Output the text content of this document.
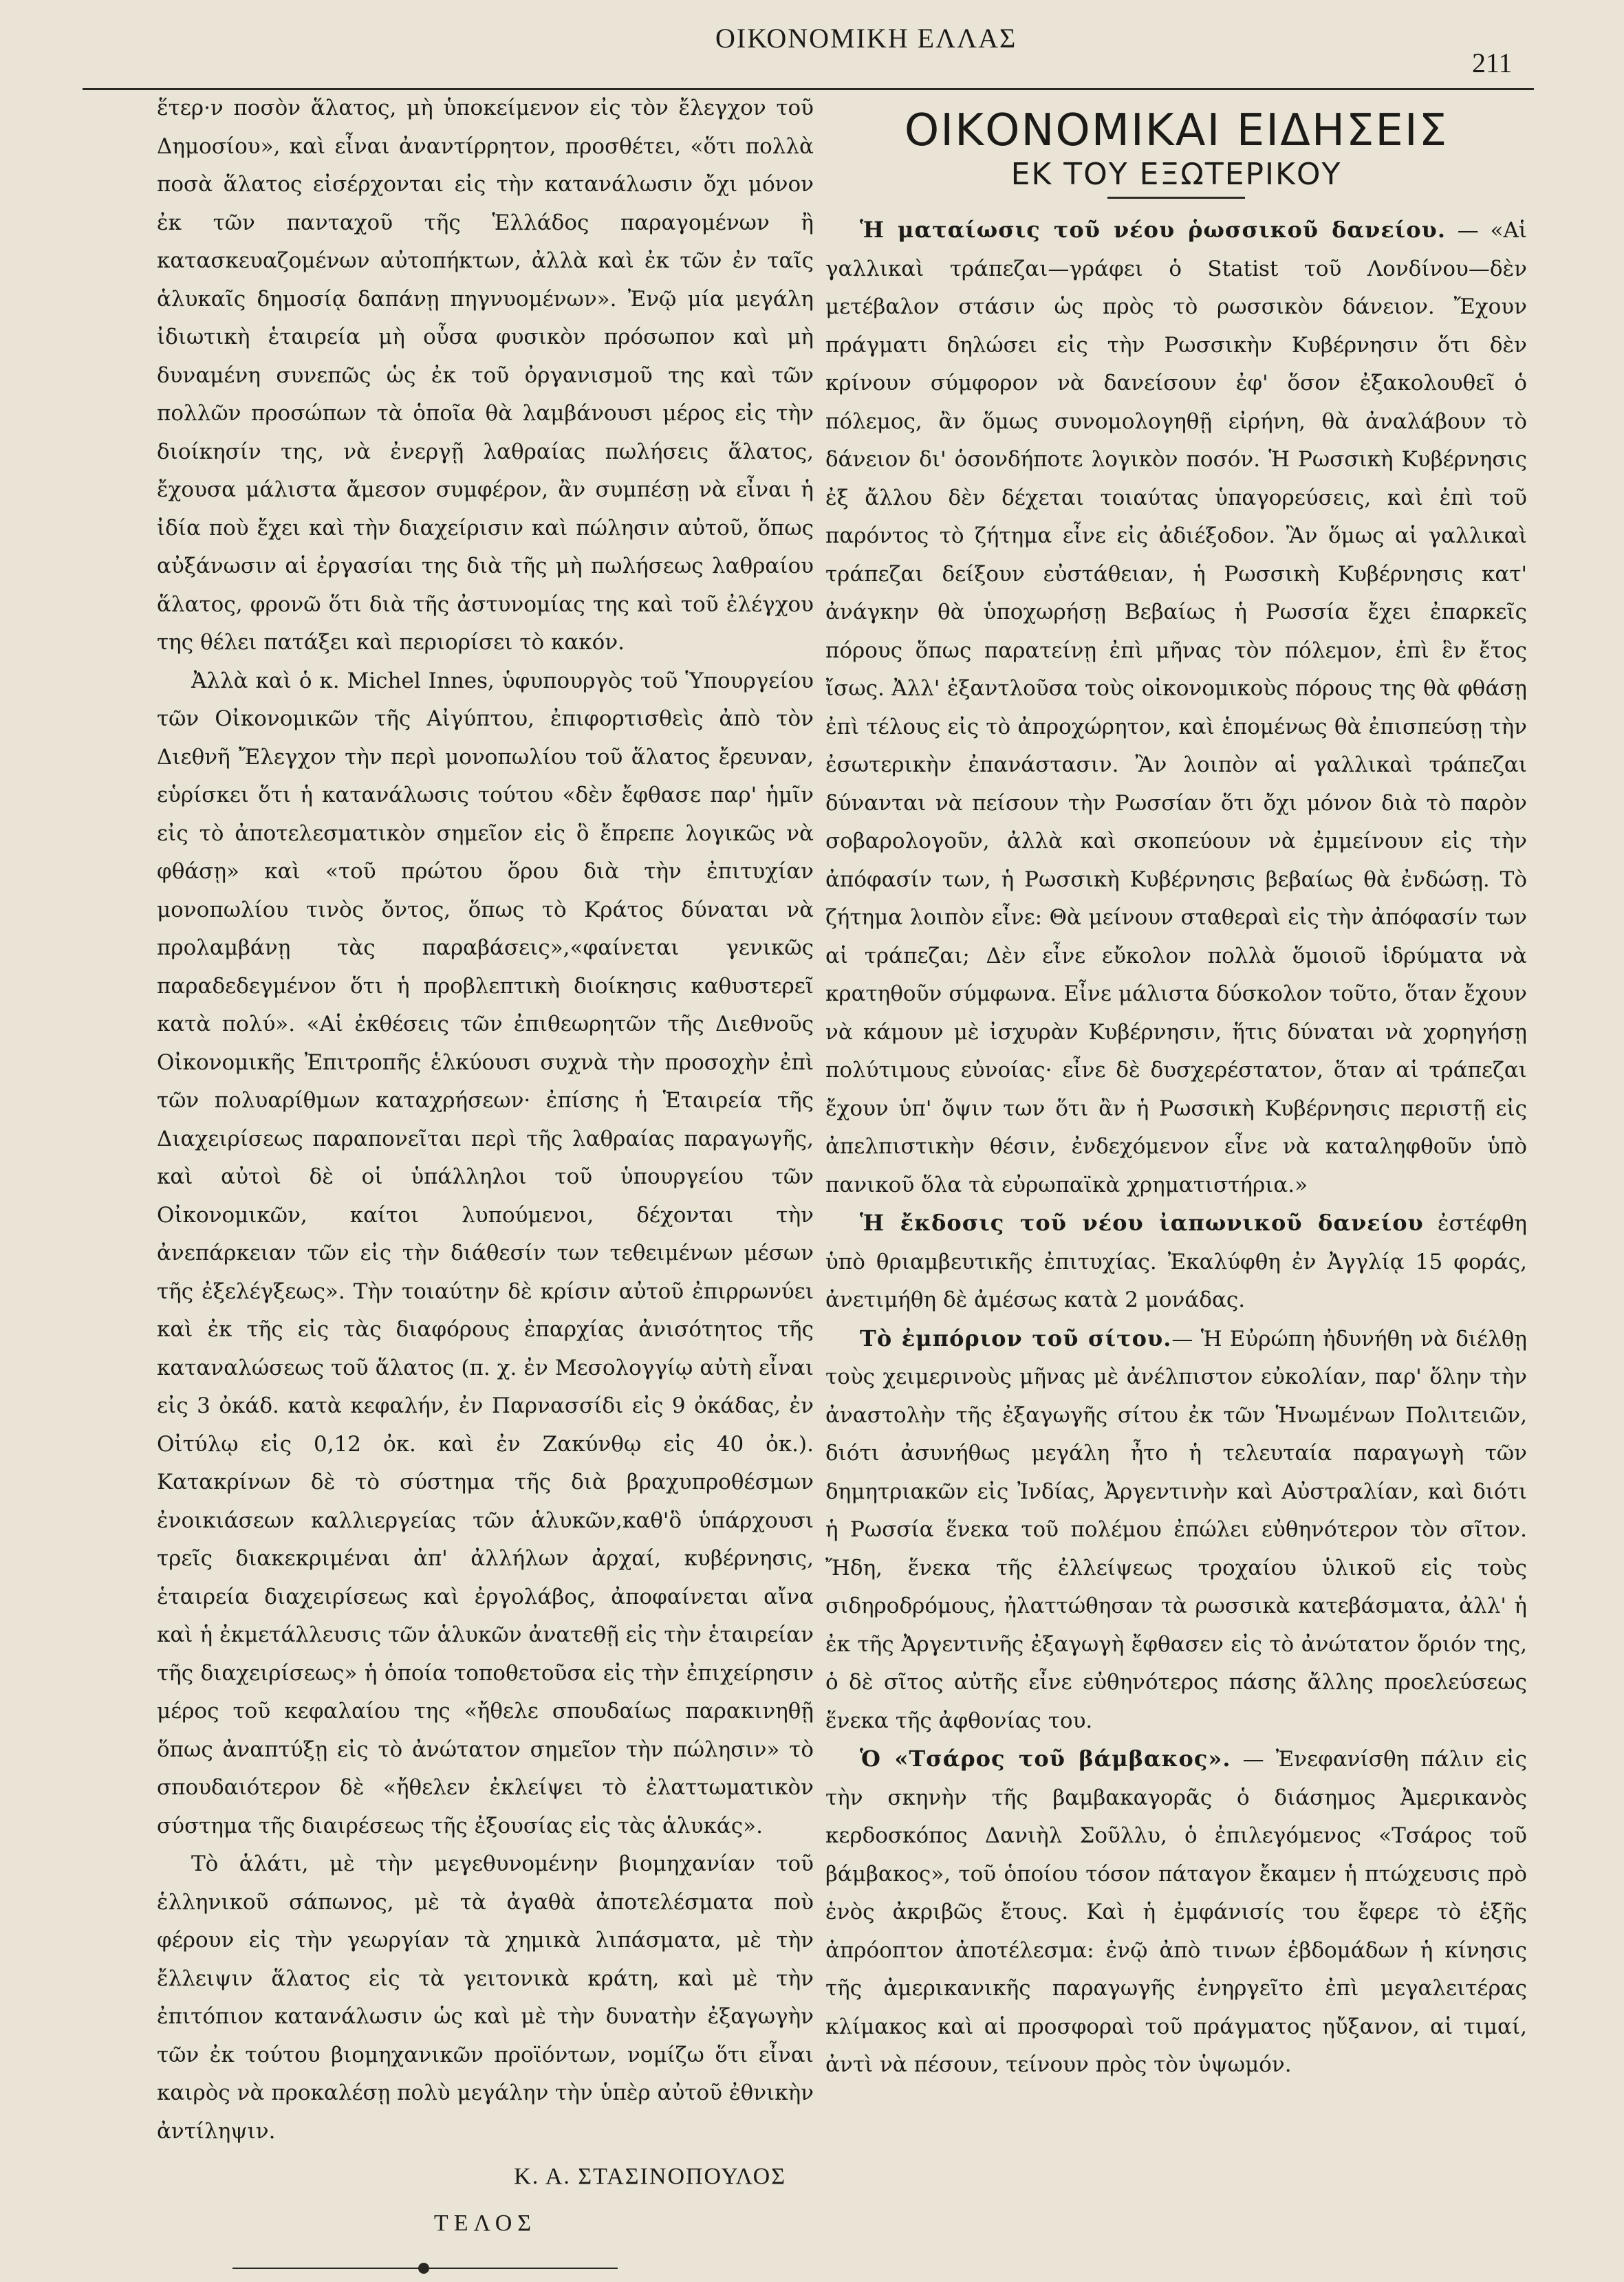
ΟΙΚΟΝΟΜΙΚΗ ΕΛΛΑΣ
211

ἕτερ·ν ποσὸν ἅλατος, μὴ ὑποκείμενον εἰς τὸν ἔλεγχον τοῦ Δημοσίου», καὶ εἶναι ἀναντίρρητον, προσθέτει, «ὅτι πολλὰ ποσὰ ἅλατος εἰσέρχονται εἰς τὴν κατανάλωσιν ὄχι μόνον ἐκ τῶν πανταχοῦ τῆς Ἑλλάδος παραγομένων ἢ κατασκευαζομένων αὐτοπήκτων, ἀλλὰ καὶ ἐκ τῶν ἐν ταῖς ἁλυκαῖς δημοσίᾳ δαπάνῃ πηγνυομένων». Ἐνῷ μία μεγάλη ἰδιωτικὴ ἑταιρεία μὴ οὖσα φυσικὸν πρόσωπον καὶ μὴ δυναμένη συνεπῶς ὡς ἐκ τοῦ ὀργανισμοῦ της καὶ τῶν πολλῶν προσώπων τὰ ὁποῖα θὰ λαμβάνουσι μέρος εἰς τὴν διοίκησίν της, νὰ ἐνεργῇ λαθραίας πωλήσεις ἅλατος, ἔχουσα μάλιστα ἄμεσον συμφέρον, ἂν συμπέσῃ νὰ εἶναι ἡ ἰδία ποὺ ἔχει καὶ τὴν διαχείρισιν καὶ πώλησιν αὐτοῦ, ὅπως αὐξάνωσιν αἱ ἐργασίαι της διὰ τῆς μὴ πωλήσεως λαθραίου ἅλατος, φρονῶ ὅτι διὰ τῆς ἀστυνομίας της καὶ τοῦ ἐλέγχου της θέλει πατάξει καὶ περιορίσει τὸ κακόν.

Ἀλλὰ καὶ ὁ κ. Michel Innes, ὑφυπουργὸς τοῦ Ὑπουργείου τῶν Οἰκονομικῶν τῆς Αἰγύπτου, ἐπιφορτισθεὶς ἀπὸ τὸν Διεθνῆ Ἔλεγχον τὴν περὶ μονοπωλίου τοῦ ἅλατος ἔρευναν, εὑρίσκει ὅτι ἡ κατανάλωσις τούτου «δὲν ἔφθασε παρ' ἡμῖν εἰς τὸ ἀποτελεσματικὸν σημεῖον εἰς ὃ ἔπρεπε λογικῶς νὰ φθάσῃ» καὶ «τοῦ πρώτου ὅρου διὰ τὴν ἐπιτυχίαν μονοπωλίου τινὸς ὄντος, ὅπως τὸ Κράτος δύναται νὰ προλαμβάνῃ τὰς παραβάσεις»,«φαίνεται γενικῶς παραδεδεγμένον ὅτι ἡ προβλεπτικὴ διοίκησις καθυστερεῖ κατὰ πολύ». «Αἱ ἐκθέσεις τῶν ἐπιθεωρητῶν τῆς Διεθνοῦς Οἰκονομικῆς Ἐπιτροπῆς ἑλκύουσι συχνὰ τὴν προσοχὴν ἐπὶ τῶν πολυαρίθμων καταχρήσεων· ἐπίσης ἡ Ἑταιρεία τῆς Διαχειρίσεως παραπονεῖται περὶ τῆς λαθραίας παραγωγῆς, καὶ αὐτοὶ δὲ οἱ ὑπάλληλοι τοῦ ὑπουργείου τῶν Οἰκονομικῶν, καίτοι λυπούμενοι, δέχονται τὴν ἀνεπάρκειαν τῶν εἰς τὴν διάθεσίν των τεθειμένων μέσων τῆς ἐξελέγξεως». Τὴν τοιαύτην δὲ κρίσιν αὐτοῦ ἐπιρρωνύει καὶ ἐκ τῆς εἰς τὰς διαφόρους ἐπαρχίας ἀνισότητος τῆς καταναλώσεως τοῦ ἅλατος (π. χ. ἐν Μεσολογγίῳ αὐτὴ εἶναι εἰς 3 ὀκάδ. κατὰ κεφαλήν, ἐν Παρνασσίδι εἰς 9 ὀκάδας, ἐν Οἰτύλῳ εἰς 0,12 ὀκ. καὶ ἐν Ζακύνθῳ εἰς 40 ὀκ.). Κατακρίνων δὲ τὸ σύστημα τῆς διὰ βραχυπροθέσμων ἐνοικιάσεων καλλιεργείας τῶν ἁλυκῶν,καθ'ὃ ὑπάρχουσι τρεῖς διακεκριμέναι ἀπ' ἀλλήλων ἀρχαί, κυβέρνησις, ἑταιρεία διαχειρίσεως καὶ ἐργολάβος, ἀποφαίνεται αἴνα καὶ ἡ ἐκμετάλλευσις τῶν ἁλυκῶν ἀνατεθῇ εἰς τὴν ἑταιρείαν τῆς διαχειρίσεως» ἡ ὁποία τοποθετοῦσα εἰς τὴν ἐπιχείρησιν μέρος τοῦ κεφαλαίου της «ἤθελε σπουδαίως παρακινηθῇ ὅπως ἀναπτύξῃ εἰς τὸ ἀνώτατον σημεῖον τὴν πώλησιν» τὸ σπουδαιότερον δὲ «ἤθελεν ἐκλείψει τὸ ἐλαττωματικὸν σύστημα τῆς διαιρέσεως τῆς ἐξουσίας εἰς τὰς ἁλυκάς».

Τὸ ἁλάτι, μὲ τὴν μεγεθυνομένην βιομηχανίαν τοῦ ἑλληνικοῦ σάπωνος, μὲ τὰ ἀγαθὰ ἀποτελέσματα ποὺ φέρουν εἰς τὴν γεωργίαν τὰ χημικὰ λιπάσματα, μὲ τὴν ἔλλειψιν ἅλατος εἰς τὰ γειτονικὰ κράτη, καὶ μὲ τὴν ἐπιτόπιον κατανάλωσιν ὡς καὶ μὲ τὴν δυνατὴν ἐξαγωγὴν τῶν ἐκ τούτου βιομηχανικῶν προϊόντων, νομίζω ὅτι εἶναι καιρὸς νὰ προκαλέσῃ πολὺ μεγάλην τὴν ὑπὲρ αὐτοῦ ἐθνικὴν ἀντίληψιν.

Κ. Α. ΣΤΑΣΙΝΟΠΟΥΛΟΣ
ΤΕΛΟΣ
ΟΙΚΟΝΟΜΙΚΑΙ ΕΙΔΗΣΕΙΣ
ΕΚ ΤΟΥ ΕΞΩΤΕΡΙΚΟΥ

Ἡ ματαίωσις τοῦ νέου ῥωσσικοῦ δανείου. — «Αἱ γαλλικαὶ τράπεζαι—γράφει ὁ Statist τοῦ Λονδίνου—δὲν μετέβαλον στάσιν ὡς πρὸς τὸ ρωσσικὸν δάνειον. Ἔχουν πράγματι δηλώσει εἰς τὴν Ρωσσικὴν Κυβέρνησιν ὅτι δὲν κρίνουν σύμφορον νὰ δανείσουν ἐφ' ὅσον ἐξακολουθεῖ ὁ πόλεμος, ἂν ὅμως συνομολογηθῇ εἰρήνη, θὰ ἀναλάβουν τὸ δάνειον δι' ὁσονδήποτε λογικὸν ποσόν. Ἡ Ρωσσικὴ Κυβέρνησις ἐξ ἄλλου δὲν δέχεται τοιαύτας ὑπαγορεύσεις, καὶ ἐπὶ τοῦ παρόντος τὸ ζήτημα εἶνε εἰς ἀδιέξοδον. Ἂν ὅμως αἱ γαλλικαὶ τράπεζαι δείξουν εὐστάθειαν, ἡ Ρωσσικὴ Κυβέρνησις κατ' ἀνάγκην θὰ ὑποχωρήσῃ Βεβαίως ἡ Ρωσσία ἔχει ἐπαρκεῖς πόρους ὅπως παρατείνῃ ἐπὶ μῆνας τὸν πόλεμον, ἐπὶ ἓν ἔτος ἴσως. Ἀλλ' ἐξαντλοῦσα τοὺς οἰκονομικοὺς πόρους της θὰ φθάσῃ ἐπὶ τέλους εἰς τὸ ἀπροχώρητον, καὶ ἑπομένως θὰ ἐπισπεύσῃ τὴν ἐσωτερικὴν ἐπανάστασιν. Ἂν λοιπὸν αἱ γαλλικαὶ τράπεζαι δύνανται νὰ πείσουν τὴν Ρωσσίαν ὅτι ὄχι μόνον διὰ τὸ παρὸν σοβαρολογοῦν, ἀλλὰ καὶ σκοπεύουν νὰ ἐμμείνουν εἰς τὴν ἀπόφασίν των, ἡ Ρωσσικὴ Κυβέρνησις βεβαίως θὰ ἐνδώσῃ. Τὸ ζήτημα λοιπὸν εἶνε: Θὰ μείνουν σταθεραὶ εἰς τὴν ἀπόφασίν των αἱ τράπεζαι; Δὲν εἶνε εὔκολον πολλὰ ὅμοιοῦ ἱδρύματα νὰ κρατηθοῦν σύμφωνα. Εἶνε μάλιστα δύσκολον τοῦτο, ὅταν ἔχουν νὰ κάμουν μὲ ἰσχυρὰν Κυβέρνησιν, ἥτις δύναται νὰ χορηγήσῃ πολύτιμους εὐνοίας· εἶνε δὲ δυσχερέστατον, ὅταν αἱ τράπεζαι ἔχουν ὑπ' ὄψιν των ὅτι ἂν ἡ Ρωσσικὴ Κυβέρνησις περιστῇ εἰς ἀπελπιστικὴν θέσιν, ἐνδεχόμενον εἶνε νὰ καταληφθοῦν ὑπὸ πανικοῦ ὅλα τὰ εὐρωπαϊκὰ χρηματιστήρια.»

Ἡ ἔκδοσις τοῦ νέου ἰαπωνικοῦ δανείου ἐστέφθη ὑπὸ θριαμβευτικῆς ἐπιτυχίας. Ἐκαλύφθη ἐν Ἀγγλίᾳ 15 φοράς, ἀνετιμήθη δὲ ἀμέσως κατὰ 2 μονάδας.

Τὸ ἐμπόριον τοῦ σίτου.— Ἡ Εὐρώπη ἠδυνήθη νὰ διέλθῃ τοὺς χειμερινοὺς μῆνας μὲ ἀνέλπιστον εὐκολίαν, παρ' ὅλην τὴν ἀναστολὴν τῆς ἐξαγωγῆς σίτου ἐκ τῶν Ἡνωμένων Πολιτειῶν, διότι ἀσυνήθως μεγάλη ἦτο ἡ τελευταία παραγωγὴ τῶν δημητριακῶν εἰς Ἰνδίας, Ἀργεντινὴν καὶ Αὐστραλίαν, καὶ διότι ἡ Ρωσσία ἕνεκα τοῦ πολέμου ἐπώλει εὐθηνότερον τὸν σῖτον. Ἤδη, ἕνεκα τῆς ἐλλείψεως τροχαίου ὑλικοῦ εἰς τοὺς σιδηροδρόμους, ἠλαττώθησαν τὰ ρωσσικὰ κατεβάσματα, ἀλλ' ἡ ἐκ τῆς Ἀργεντινῆς ἐξαγωγὴ ἔφθασεν εἰς τὸ ἀνώτατον ὅριόν της, ὁ δὲ σῖτος αὐτῆς εἶνε εὐθηνότερος πάσης ἄλλης προελεύσεως ἕνεκα τῆς ἀφθονίας του.

Ὁ «Τσάρος τοῦ βάμβακος». — Ἐνεφανίσθη πάλιν εἰς τὴν σκηνὴν τῆς βαμβακαγορᾶς ὁ διάσημος Ἀμερικανὸς κερδοσκόπος Δανιὴλ Σοῦλλυ, ὁ ἐπιλεγόμενος «Τσάρος τοῦ βάμβακος», τοῦ ὁποίου τόσον πάταγον ἔκαμεν ἡ πτώχευσις πρὸ ἑνὸς ἀκριβῶς ἔτους. Καὶ ἡ ἐμφάνισίς του ἔφερε τὸ ἑξῆς ἀπρόοπτον ἀποτέλεσμα: ἐνῷ ἀπὸ τινων ἑβδομάδων ἡ κίνησις τῆς ἀμερικανικῆς παραγωγῆς ἐνηργεῖτο ἐπὶ μεγαλειτέρας κλίμακος καὶ αἱ προσφοραὶ τοῦ πράγματος ηὔξανον, αἱ τιμαί, ἀντὶ νὰ πέσουν, τείνουν πρὸς τὸν ὑψωμόν.
